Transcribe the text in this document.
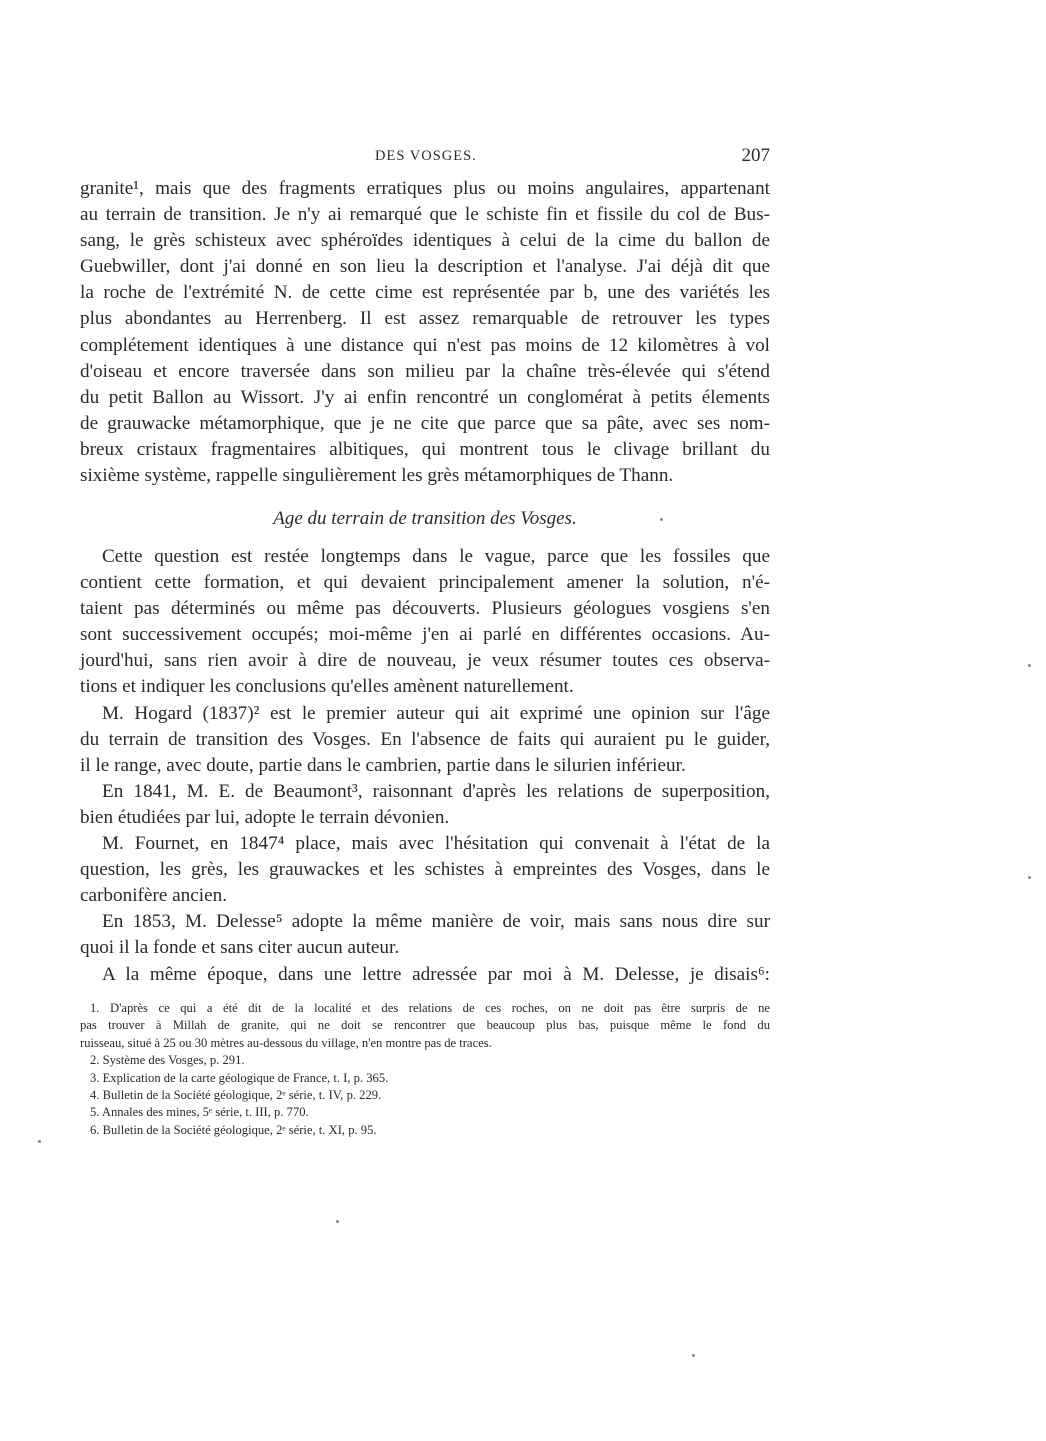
DES VOSGES.	207
granite¹, mais que des fragments erratiques plus ou moins angulaires, appartenant
au terrain de transition. Je n'y ai remarqué que le schiste fin et fissile du col de Bus-
sang, le grès schisteux avec sphéroïdes identiques à celui de la cime du ballon de
Guebwiller, dont j'ai donné en son lieu la description et l'analyse. J'ai déjà dit que
la roche de l'extrémité N. de cette cime est représentée par b, une des variétés les
plus abondantes au Herrenberg. Il est assez remarquable de retrouver les types
complétement identiques à une distance qui n'est pas moins de 12 kilomètres à vol
d'oiseau et encore traversée dans son milieu par la chaîne très-élevée qui s'étend
du petit Ballon au Wissort. J'y ai enfin rencontré un conglomérat à petits élements
de grauwacke métamorphique, que je ne cite que parce que sa pâte, avec ses nom-
breux cristaux fragmentaires albitiques, qui montrent tous le clivage brillant du
sixième système, rappelle singulièrement les grès métamorphiques de Thann.
Age du terrain de transition des Vosges.
Cette question est restée longtemps dans le vague, parce que les fossiles que
contient cette formation, et qui devaient principalement amener la solution, n'é-
taient pas déterminés ou même pas découverts. Plusieurs géologues vosgiens s'en
sont successivement occupés; moi-même j'en ai parlé en différentes occasions. Au-
jourd'hui, sans rien avoir à dire de nouveau, je veux résumer toutes ces observa-
tions et indiquer les conclusions qu'elles amènent naturellement.
M. Hogard (1837)² est le premier auteur qui ait exprimé une opinion sur l'âge
du terrain de transition des Vosges. En l'absence de faits qui auraient pu le guider,
il le range, avec doute, partie dans le cambrien, partie dans le silurien inférieur.
En 1841, M. E. de Beaumont³, raisonnant d'après les relations de superposition,
bien étudiées par lui, adopte le terrain dévonien.
M. Fournet, en 1847⁴ place, mais avec l'hésitation qui convenait à l'état de la
question, les grès, les grauwackes et les schistes à empreintes des Vosges, dans le
carbonifère ancien.
En 1853, M. Delesse⁵ adopte la même manière de voir, mais sans nous dire sur
quoi il la fonde et sans citer aucun auteur.
A la même époque, dans une lettre adressée par moi à M. Delesse, je disais⁶:
1. D'après ce qui a été dit de la localité et des relations de ces roches, on ne doit pas être surpris de ne
pas trouver à Millah de granite, qui ne doit se rencontrer que beaucoup plus bas, puisque même le fond du
ruisseau, situé à 25 ou 30 mètres au-dessous du village, n'en montre pas de traces.
2. Système des Vosges, p. 291.
3. Explication de la carte géologique de France, t. I, p. 365.
4. Bulletin de la Société géologique, 2ᵉ série, t. IV, p. 229.
5. Annales des mines, 5ᵉ série, t. III, p. 770.
6. Bulletin de la Société géologique, 2ᵉ série, t. XI, p. 95.
